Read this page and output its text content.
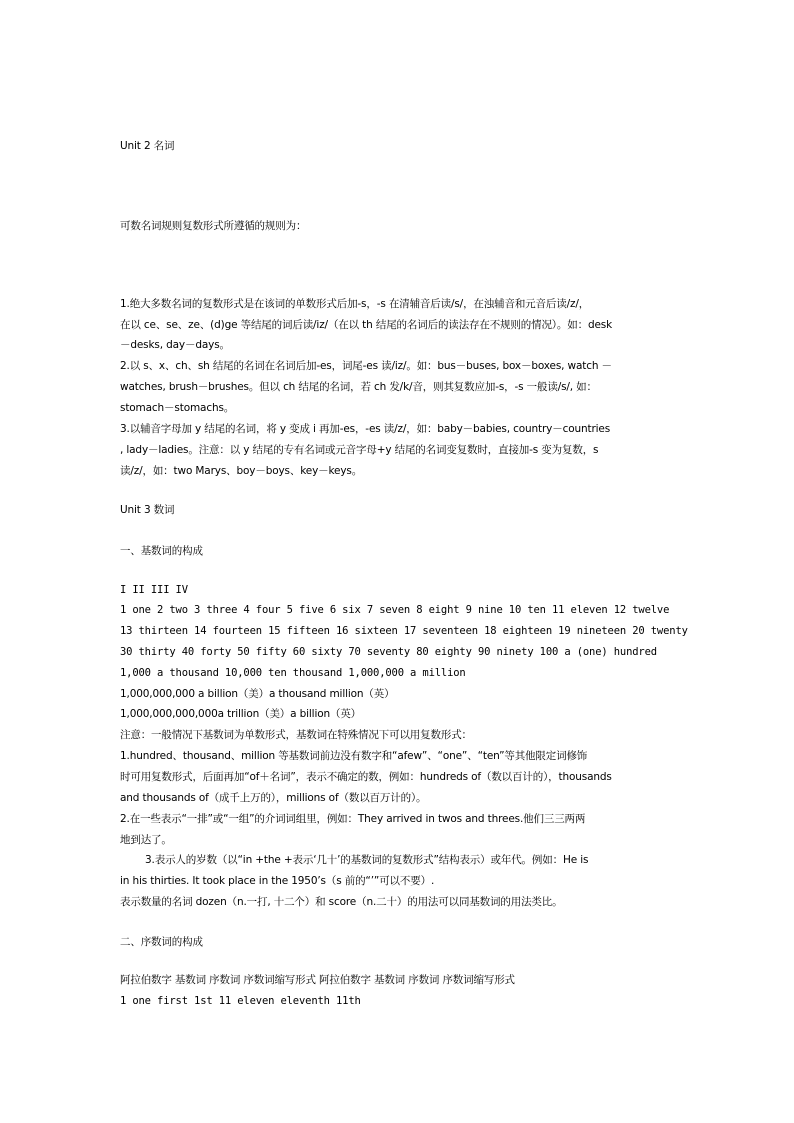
Unit 2 名词
可数名词规则复数形式所遵循的规则为：
1.绝大多数名词的复数形式是在该词的单数形式后加-s，-s 在清辅音后读/s/，在浊辅音和元音后读/z/，
在以 ce、se、ze、(d)ge 等结尾的词后读/iz/（在以 th 结尾的名词后的读法存在不规则的情况）。如：desk
－desks, day－days。
2.以 s、x、ch、sh 结尾的名词在名词后加-es，词尾-es 读/iz/。如：bus－buses, box－boxes, watch －
watches, brush－brushes。但以 ch 结尾的名词，若 ch 发/k/音，则其复数应加-s，-s 一般读/s/, 如：
stomach－stomachs。
3.以辅音字母加 y 结尾的名词，将 y 变成 i 再加-es，-es 读/z/，如：baby－babies, country－countries
, lady－ladies。注意：以 y 结尾的专有名词或元音字母+y 结尾的名词变复数时，直接加-s 变为复数，s
读/z/，如：two Marys、boy－boys、key－keys。
Unit 3 数词
一、基数词的构成
I II III IV
1 one 2 two 3 three 4 four 5 five 6 six 7 seven 8 eight 9 nine 10 ten 11 eleven 12 twelve
13 thirteen 14 fourteen 15 fifteen 16 sixteen 17 seventeen 18 eighteen 19 nineteen 20 twenty
30 thirty 40 forty 50 fifty 60 sixty 70 seventy 80 eighty 90 ninety 100 a (one) hundred
1,000 a thousand 10,000 ten thousand 1,000,000 a million
1,000,000,000 a billion（美）a thousand million（英）
1,000,000,000,000a trillion（美）a billion（英）
注意：一般情况下基数词为单数形式，基数词在特殊情况下可以用复数形式：
1.hundred、thousand、million 等基数词前边没有数字和“afew”、“one”、“ten”等其他限定词修饰
时可用复数形式，后面再加“of＋名词”，表示不确定的数，例如：hundreds of（数以百计的），thousands
and thousands of（成千上万的），millions of（数以百万计的）。
2.在一些表示“一排”或“一组”的介词词组里，例如：They arrived in twos and threes.他们三三两两
地到达了。
3.表示人的岁数（以“in +the +表示‘几十’的基数词的复数形式”结构表示）或年代。例如：He is
in his thirties. It took place in the 1950’s（s 前的“’”可以不要）.
表示数量的名词 dozen（n.一打, 十二个）和 score（n.二十）的用法可以同基数词的用法类比。
二、序数词的构成
阿拉伯数字 基数词 序数词 序数词缩写形式 阿拉伯数字 基数词 序数词 序数词缩写形式
1 one first 1st 11 eleven eleventh 11th
